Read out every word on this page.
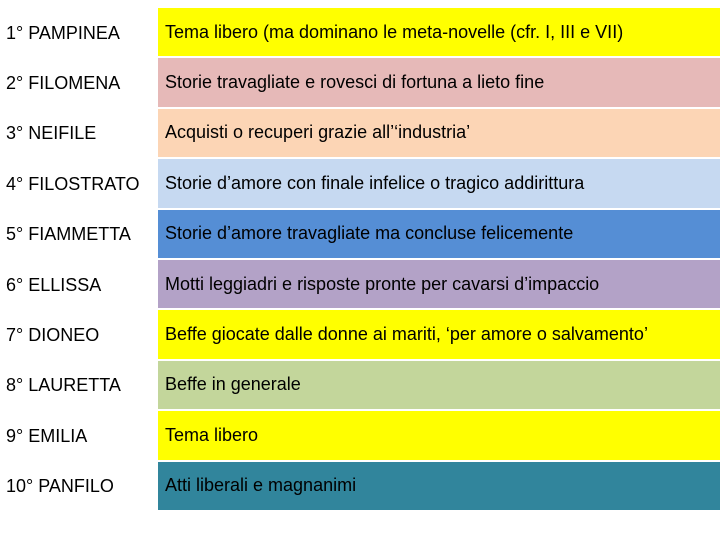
1° PAMPINEA	Tema libero (ma dominano le meta-novelle (cfr. I, III e VII)
2° FILOMENA	Storie travagliate e rovesci di fortuna a lieto fine
3° NEIFILE	Acquisti o recuperi grazie all’‘industria’
4° FILOSTRATO	Storie d’amore con finale infelice o tragico addirittura
5° FIAMMETTA	Storie d’amore travagliate ma concluse felicemente
6° ELLISSA	Motti leggiadri e risposte pronte per cavarsi d’impaccio
7° DIONEO	Beffe giocate dalle donne ai mariti, ‘per amore o salvamento’
8° LAURETTA	Beffe in generale
9° EMILIA	Tema libero
10° PANFILO	Atti liberali e magnanimi
